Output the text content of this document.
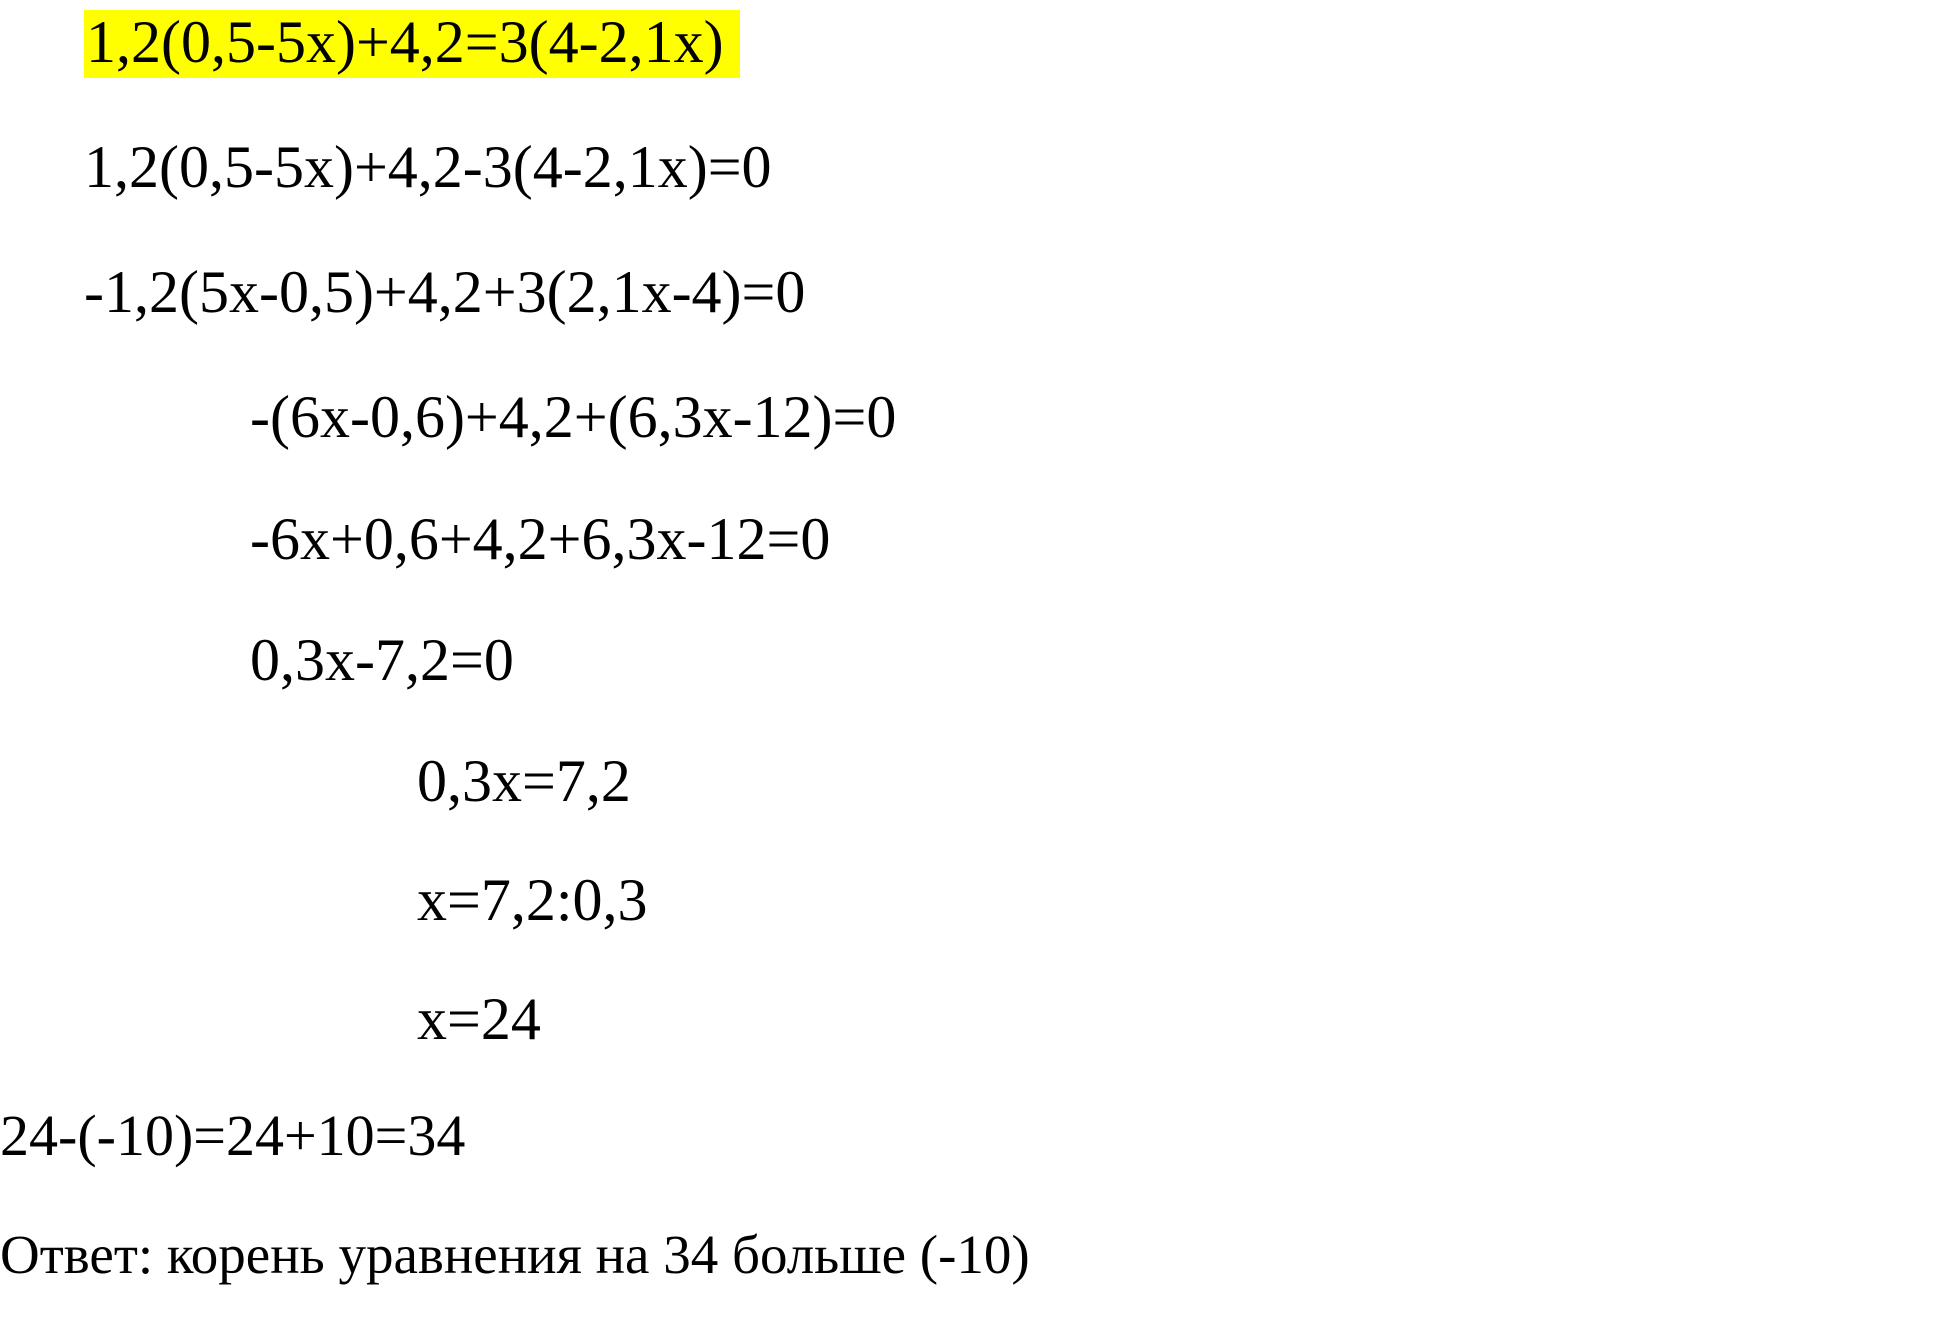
1,2(0,5-5x)+4,2=3(4-2,1x)
1,2(0,5-5x)+4,2-3(4-2,1x)=0
-1,2(5x-0,5)+4,2+3(2,1x-4)=0
-(6x-0,6)+4,2+(6,3x-12)=0
-6x+0,6+4,2+6,3x-12=0
0,3x-7,2=0
0,3x=7,2
x=7,2:0,3
x=24
24-(-10)=24+10=34
Ответ: корень уравнения на 34 больше (-10)
